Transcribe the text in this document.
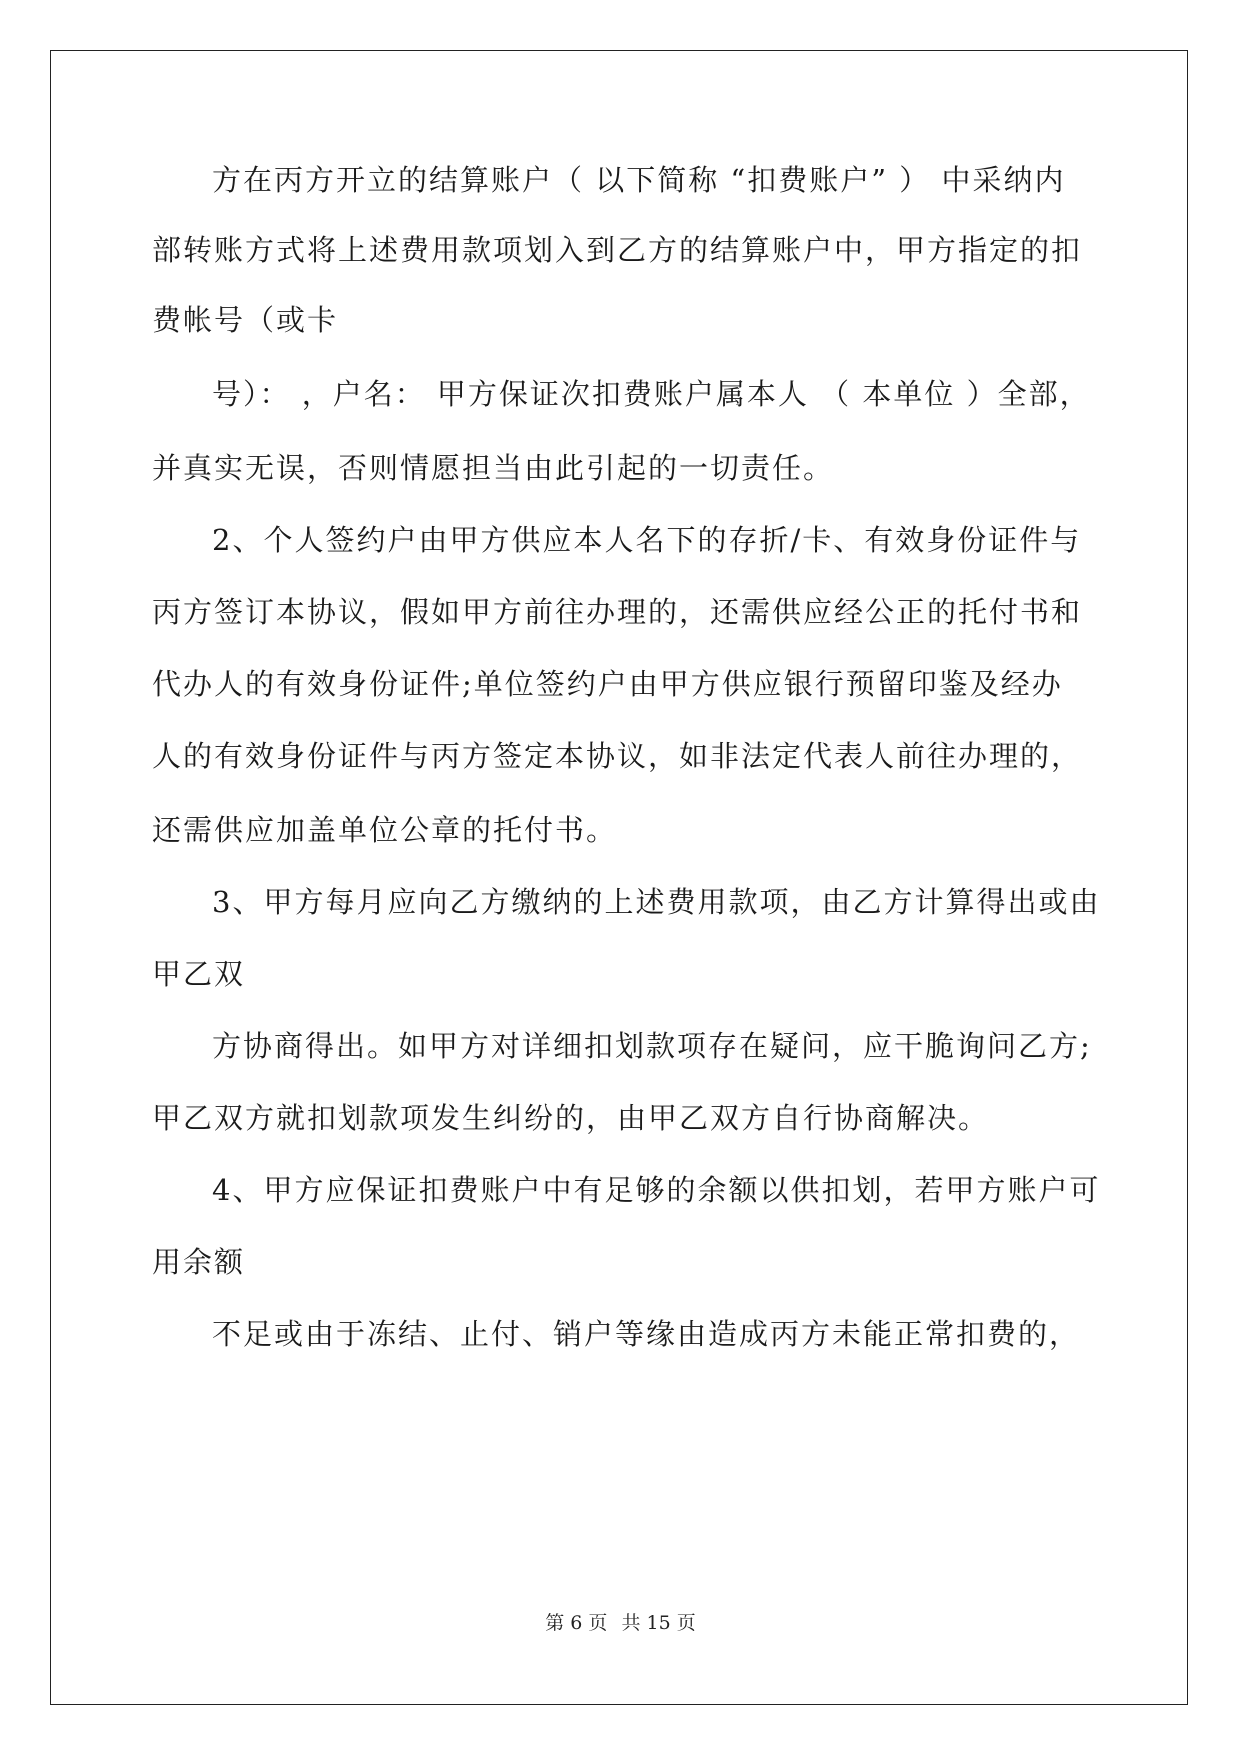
方在丙方开立的结算账户（ 以下简称 “扣费账户” ） 中采纳内
部转账方式将上述费用款项划入到乙方的结算账户中，甲方指定的扣
费帐号（或卡
号）： ，户名： 甲方保证次扣费账户属本人 （ 本单位 ）全部，
并真实无误，否则情愿担当由此引起的一切责任。
2、个人签约户由甲方供应本人名下的存折/卡、有效身份证件与
丙方签订本协议，假如甲方前往办理的，还需供应经公正的托付书和
代办人的有效身份证件;单位签约户由甲方供应银行预留印鉴及经办
人的有效身份证件与丙方签定本协议，如非法定代表人前往办理的，
还需供应加盖单位公章的托付书。
3、甲方每月应向乙方缴纳的上述费用款项，由乙方计算得出或由
甲乙双
方协商得出。如甲方对详细扣划款项存在疑问，应干脆询问乙方;
甲乙双方就扣划款项发生纠纷的，由甲乙双方自行协商解决。
4、甲方应保证扣费账户中有足够的余额以供扣划，若甲方账户可
用余额
不足或由于冻结、止付、销户等缘由造成丙方未能正常扣费的，
第 6 页 共 15 页
